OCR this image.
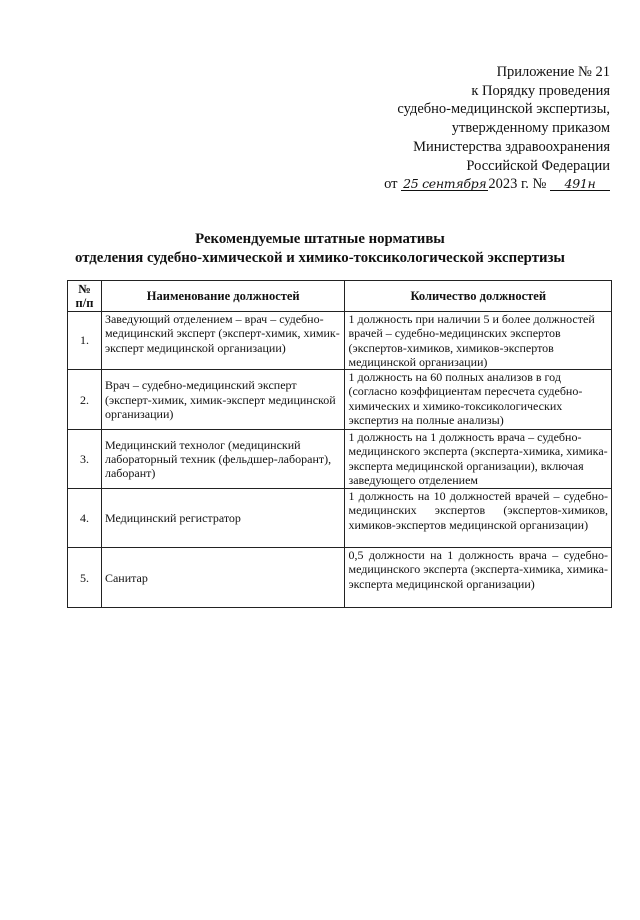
Приложение № 21
к Порядку проведения
судебно-медицинской экспертизы,
утвержденному приказом
Министерства здравоохранения
Российской Федерации
от 25 сентября 2023 г. № 491н
Рекомендуемые штатные нормативы
отделения судебно-химической и химико-токсикологической экспертизы
№ п/п	Наименование должностей	Количество должностей
1.	Заведующий отделением – врач – судебно-медицинский эксперт (эксперт-химик, химик-эксперт медицинской организации)	1 должность при наличии 5 и более должностей врачей – судебно-медицинских экспертов (экспертов-химиков, химиков-экспертов медицинской организации)
2.	Врач – судебно-медицинский эксперт (эксперт-химик, химик-эксперт медицинской организации)	1 должность на 60 полных анализов в год (согласно коэффициентам пересчета судебно-химических и химико-токсикологических экспертиз на полные анализы)
3.	Медицинский технолог (медицинский лабораторный техник (фельдшер-лаборант), лаборант)	1 должность на 1 должность врача – судебно-медицинского эксперта (эксперта-химика, химика-эксперта медицинской организации), включая заведующего отделением
4.	Медицинский регистратор	1 должность на 10 должностей врачей – судебно-медицинских экспертов (экспертов-химиков, химиков-экспертов медицинской организации)
5.	Санитар	0,5 должности на 1 должность врача – судебно-медицинского эксперта (эксперта-химика, химика-эксперта медицинской организации)
